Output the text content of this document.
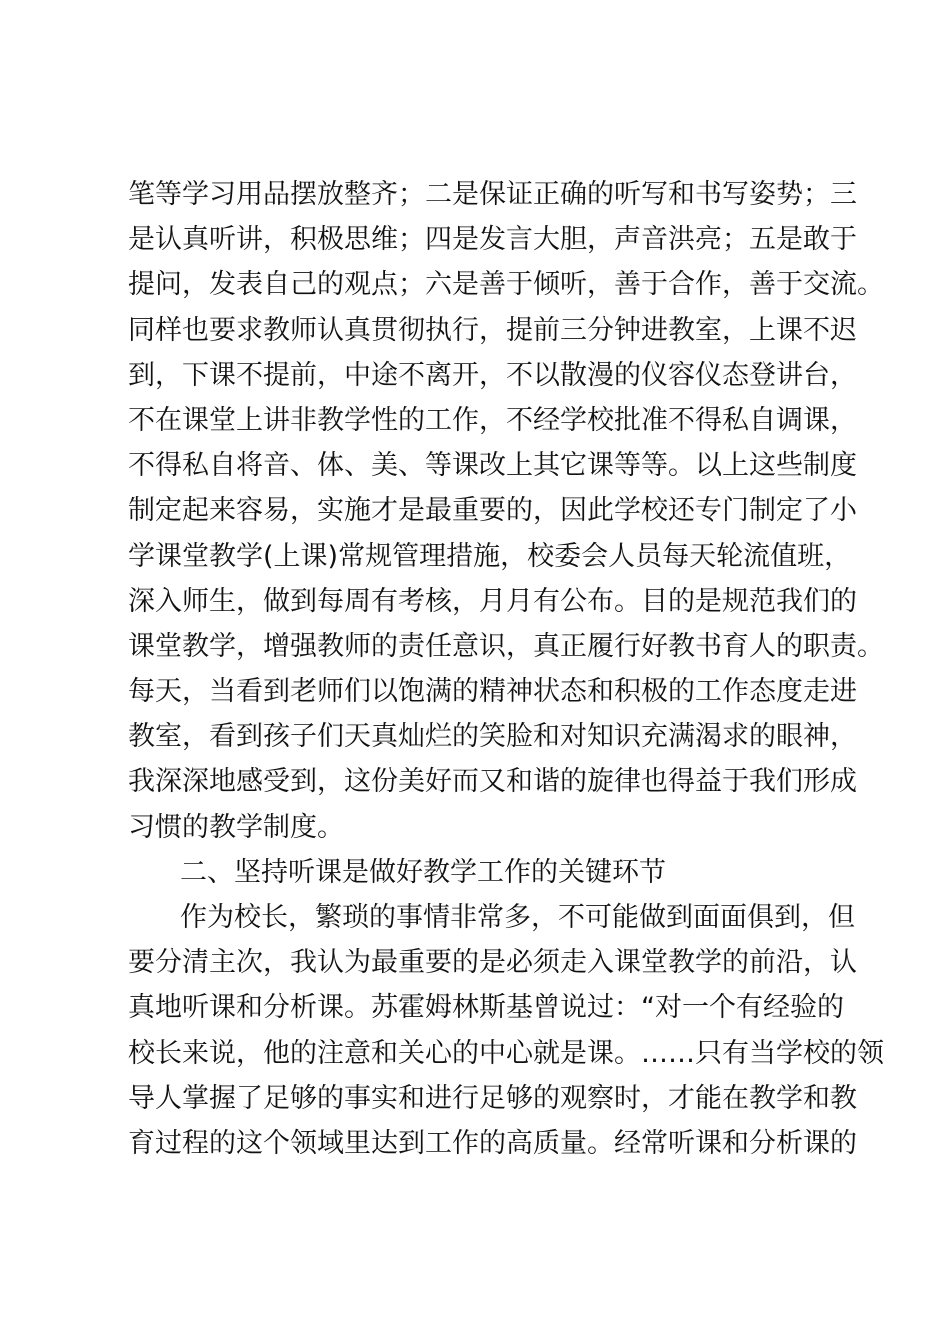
笔等学习用品摆放整齐；二是保证正确的听写和书写姿势；三
是认真听讲，积极思维；四是发言大胆，声音洪亮；五是敢于
提问，发表自己的观点；六是善于倾听，善于合作，善于交流。
同样也要求教师认真贯彻执行，提前三分钟进教室，上课不迟
到，下课不提前，中途不离开，不以散漫的仪容仪态登讲台，
不在课堂上讲非教学性的工作，不经学校批准不得私自调课，
不得私自将音、体、美、等课改上其它课等等。以上这些制度
制定起来容易，实施才是最重要的，因此学校还专门制定了小
学课堂教学(上课)常规管理措施，校委会人员每天轮流值班，
深入师生，做到每周有考核，月月有公布。目的是规范我们的
课堂教学，增强教师的责任意识，真正履行好教书育人的职责。
每天，当看到老师们以饱满的精神状态和积极的工作态度走进
教室，看到孩子们天真灿烂的笑脸和对知识充满渴求的眼神，
我深深地感受到，这份美好而又和谐的旋律也得益于我们形成
习惯的教学制度。
二、坚持听课是做好教学工作的关键环节
作为校长，繁琐的事情非常多，不可能做到面面俱到，但
要分清主次，我认为最重要的是必须走入课堂教学的前沿，认
真地听课和分析课。苏霍姆林斯基曾说过：“对一个有经验的
校长来说，他的注意和关心的中心就是课。……只有当学校的领
导人掌握了足够的事实和进行足够的观察时，才能在教学和教
育过程的这个领域里达到工作的高质量。经常听课和分析课的
